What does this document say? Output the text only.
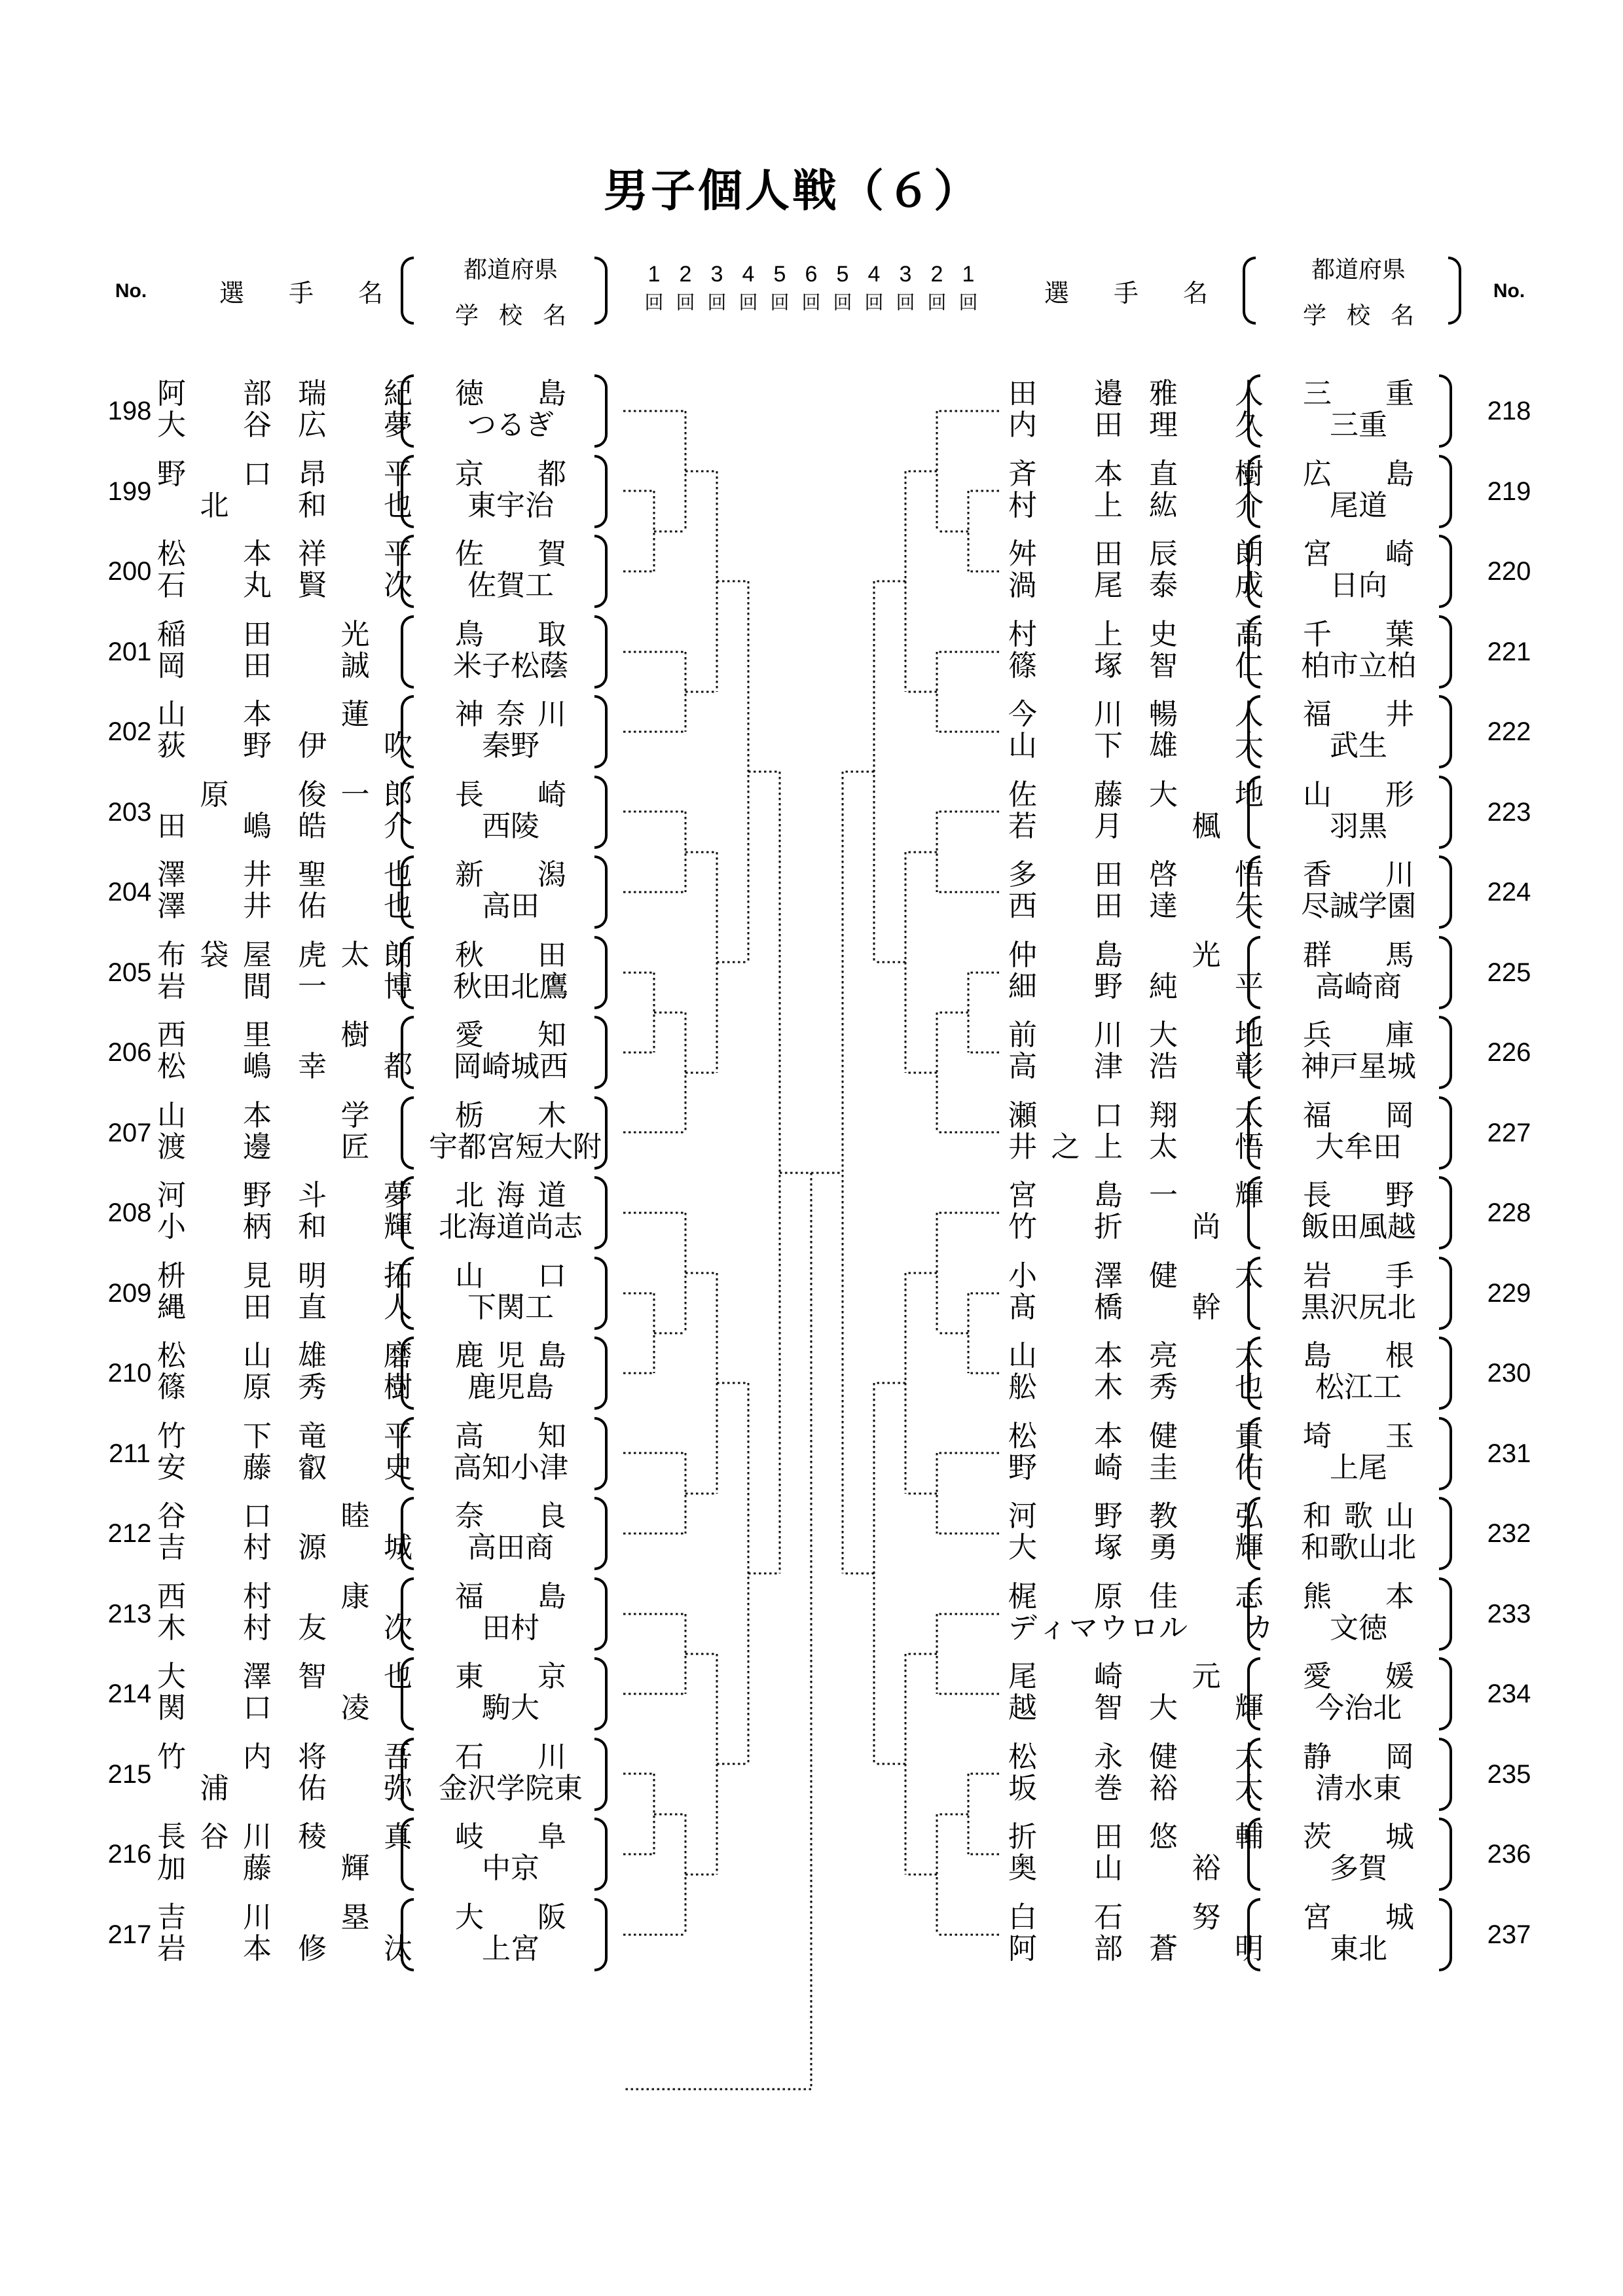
男子個人戦（６）
No.	選 手 名
都道府県
学 校 名
1
回
2
回
3
回
4
回
5
回
6
回
5
回
4
回
3
回
2
回
1
回	選 手 名
都道府県
学 校 名
No.
198
阿 部 瑞 紀
大 谷 広 夢
徳 島
つるぎ
199
野 口 昂 平
北 和 也
京 都
東宇治
200
松 本 祥 平
石 丸 賢 次
佐 賀
佐賀工
201
稲 田 光
岡 田 誠
鳥 取
米子松蔭
202
山 本 蓮
荻 野 伊 吹
神 奈 川
秦野
203
原 俊 一 郎
田 嶋 皓 介
長 崎
西陵
204
澤 井 聖 也
澤 井 佑 也
新 潟
高田
205
布 袋 屋 虎 太 朗
岩 間 一 博
秋 田
秋田北鷹
206
西 里 樹
松 嶋 幸 都
愛 知
岡崎城西
207
山 本 学
渡 邊 匠
栃 木
宇都宮短大附
208
河 野 斗 夢
小 柄 和 輝
北 海 道
北海道尚志
209
枡 見 明 拓
縄 田 直 人
山 口
下関工
210
松 山 雄 磨
篠 原 秀 樹
鹿 児 島
鹿児島
211
竹 下 竜 平
安 藤 叡 史
高 知
高知小津
212
谷 口 睦
吉 村 源 城
奈 良
高田商
213
西 村 康
木 村 友 次
福 島
田村
214
大 澤 智 也
関 口 凌
東 京
駒大
215
竹 内 将 吾
浦 佑 弥
石 川
金沢学院東
216
長 谷 川 稜 真
加 藤 輝
岐 阜
中京
217
吉 川 塁
岩 本 修 汰
大 阪
上宮
218
田 邉 雅 人
内 田 理 久
三 重
三重
219
斉 本 直 樹
村 上 紘 介
広 島
尾道
220
舛 田 辰 朗
渦 尾 泰 成
宮 崎
日向
221
村 上 史 高
篠 塚 智 仁
千 葉
柏市立柏
222
今 川 暢 人
山 下 雄 大
福 井
武生
223
佐 藤 大 地
若 月 楓
山 形
羽黒
224
多 田 啓 悟
西 田 達 矢
香 川
尽誠学園
225
仲 島 光
細 野 純 平
群 馬
高崎商
226
前 川 大 地
高 津 浩 彰
兵 庫
神戸星城
227
瀬 口 翔 太
井 之 上 太 悟
福 岡
大牟田
228
宮 島 一 輝
竹 折 尚
長 野
飯田風越
229
小 澤 健 太
髙 橋 幹
岩 手
黒沢尻北
230
山 本 亮 太
舩 木 秀 也
島 根
松江工
231
松 本 健 貴
野 崎 圭 佑
埼 玉
上尾
232
河 野 教 弘
大 塚 勇 輝
和 歌 山
和歌山北
233
梶 原 佳 志
デ ィ マ ウ ロ ル カ
熊 本
文徳
234
尾 崎 元
越 智 大 輝
愛 媛
今治北
235
松 永 健 太
坂 巻 裕 太
静 岡
清水東
236
折 田 悠 輔
奥 山 裕
茨 城
多賀
237
白 石 努
阿 部 蒼 明
宮 城
東北
